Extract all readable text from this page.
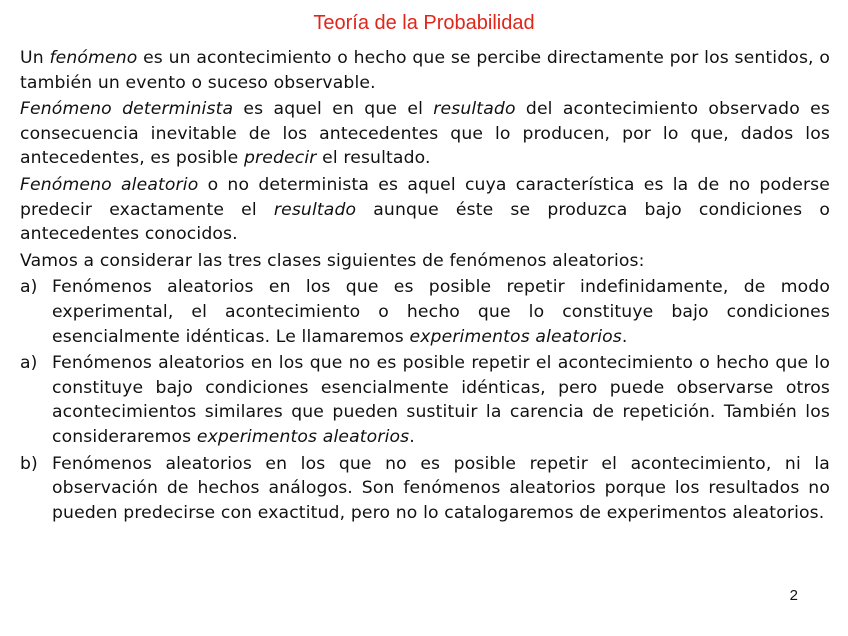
Teoría de la Probabilidad

Un fenómeno es un acontecimiento o hecho que se percibe directamente por los sentidos, o también un evento o suceso observable.

Fenómeno determinista es aquel en que el resultado del acontecimiento observado es consecuencia inevitable de los antecedentes que lo producen, por lo que, dados los antecedentes, es posible predecir el resultado.

Fenómeno aleatorio o no determinista es aquel cuya característica es la de no poderse predecir exactamente el resultado aunque éste se produzca bajo condiciones o antecedentes conocidos.

Vamos a considerar las tres clases siguientes de fenómenos aleatorios:

a) Fenómenos aleatorios en los que es posible repetir indefinidamente, de modo experimental, el acontecimiento o hecho que lo constituye bajo condiciones esencialmente idénticas. Le llamaremos experimentos aleatorios.
a) Fenómenos aleatorios en los que no es posible repetir el acontecimiento o hecho que lo constituye bajo condiciones esencialmente idénticas, pero puede observarse otros acontecimientos similares que pueden sustituir la carencia de repetición. También los consideraremos experimentos aleatorios.
b) Fenómenos aleatorios en los que no es posible repetir el acontecimiento, ni la observación de hechos análogos. Son fenómenos aleatorios porque los resultados no pueden predecirse con exactitud, pero no lo catalogaremos de experimentos aleatorios.
2
